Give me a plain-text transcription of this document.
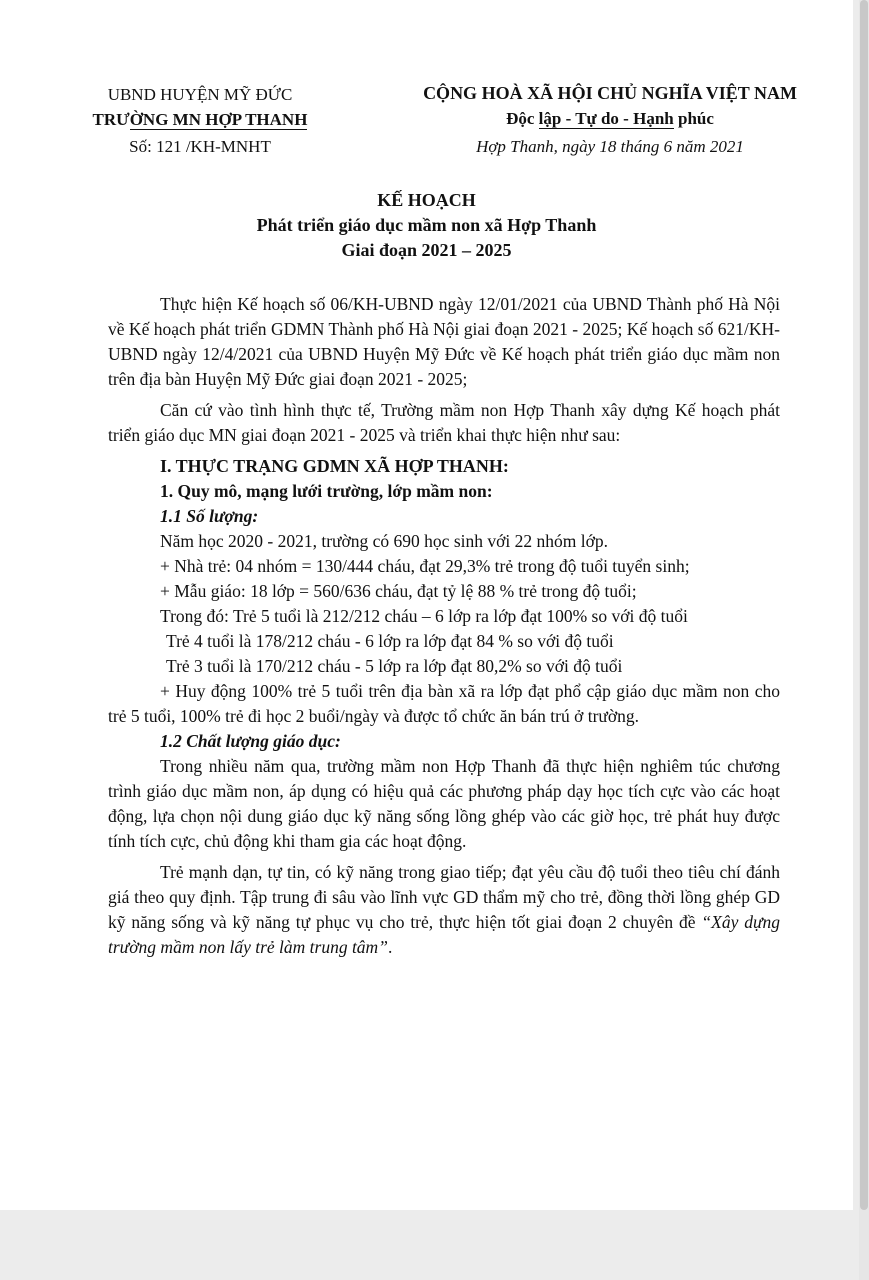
UBND HUYỆN MỸ ĐỨC
TRƯỜNG MN HỢP THANH
Số: 121 /KH-MNHT
CỘNG HOÀ XÃ HỘI CHỦ NGHĨA VIỆT NAM
Độc lập - Tự do - Hạnh phúc
Hợp Thanh, ngày 18 tháng 6 năm 2021
KẾ HOẠCH
Phát triển giáo dục mầm non xã Hợp Thanh
Giai đoạn 2021 – 2025

Thực hiện Kế hoạch số 06/KH-UBND ngày 12/01/2021 của UBND Thành phố Hà Nội về Kế hoạch phát triển GDMN Thành phố Hà Nội giai đoạn 2021 - 2025; Kế hoạch số 621/KH-UBND ngày 12/4/2021 của UBND Huyện Mỹ Đức về Kế hoạch phát triển giáo dục mầm non trên địa bàn Huyện Mỹ Đức giai đoạn 2021 - 2025;

Căn cứ vào tình hình thực tế, Trường mầm non Hợp Thanh xây dựng Kế hoạch phát triển giáo dục MN giai đoạn 2021 - 2025 và triển khai thực hiện như sau:

I. THỰC TRẠNG GDMN XÃ HỢP THANH:

1. Quy mô, mạng lưới trường, lớp mầm non:

1.1 Số lượng:

Năm học 2020 - 2021, trường có 690 học sinh với 22 nhóm lớp.

+ Nhà trẻ: 04 nhóm = 130/444 cháu, đạt 29,3% trẻ trong độ tuổi tuyển sinh;

+ Mẫu giáo: 18 lớp = 560/636 cháu, đạt tỷ lệ 88 % trẻ trong độ tuổi;

Trong đó: Trẻ 5 tuổi là 212/212 cháu – 6 lớp ra lớp đạt 100% so với độ tuổi

Trẻ 4 tuổi là 178/212 cháu - 6 lớp ra lớp đạt 84 % so với độ tuổi

Trẻ 3 tuổi là 170/212 cháu - 5 lớp ra lớp đạt 80,2% so với độ tuổi

+ Huy động 100% trẻ 5 tuổi trên địa bàn xã ra lớp đạt phổ cập giáo dục mầm non cho trẻ 5 tuổi, 100% trẻ đi học 2 buổi/ngày và được tổ chức ăn bán trú ở trường.

1.2 Chất lượng giáo dục:

Trong nhiều năm qua, trường mầm non Hợp Thanh đã thực hiện nghiêm túc chương trình giáo dục mầm non, áp dụng có hiệu quả các phương pháp dạy học tích cực vào các hoạt động, lựa chọn nội dung giáo dục kỹ năng sống lồng ghép vào các giờ học, trẻ phát huy được tính tích cực, chủ động khi tham gia các hoạt động.

Trẻ mạnh dạn, tự tin, có kỹ năng trong giao tiếp; đạt yêu cầu độ tuổi theo tiêu chí đánh giá theo quy định. Tập trung đi sâu vào lĩnh vực GD thẩm mỹ cho trẻ, đồng thời lồng ghép GD kỹ năng sống và kỹ năng tự phục vụ cho trẻ, thực hiện tốt giai đoạn 2 chuyên đề “Xây dựng trường mầm non lấy trẻ làm trung tâm”.
